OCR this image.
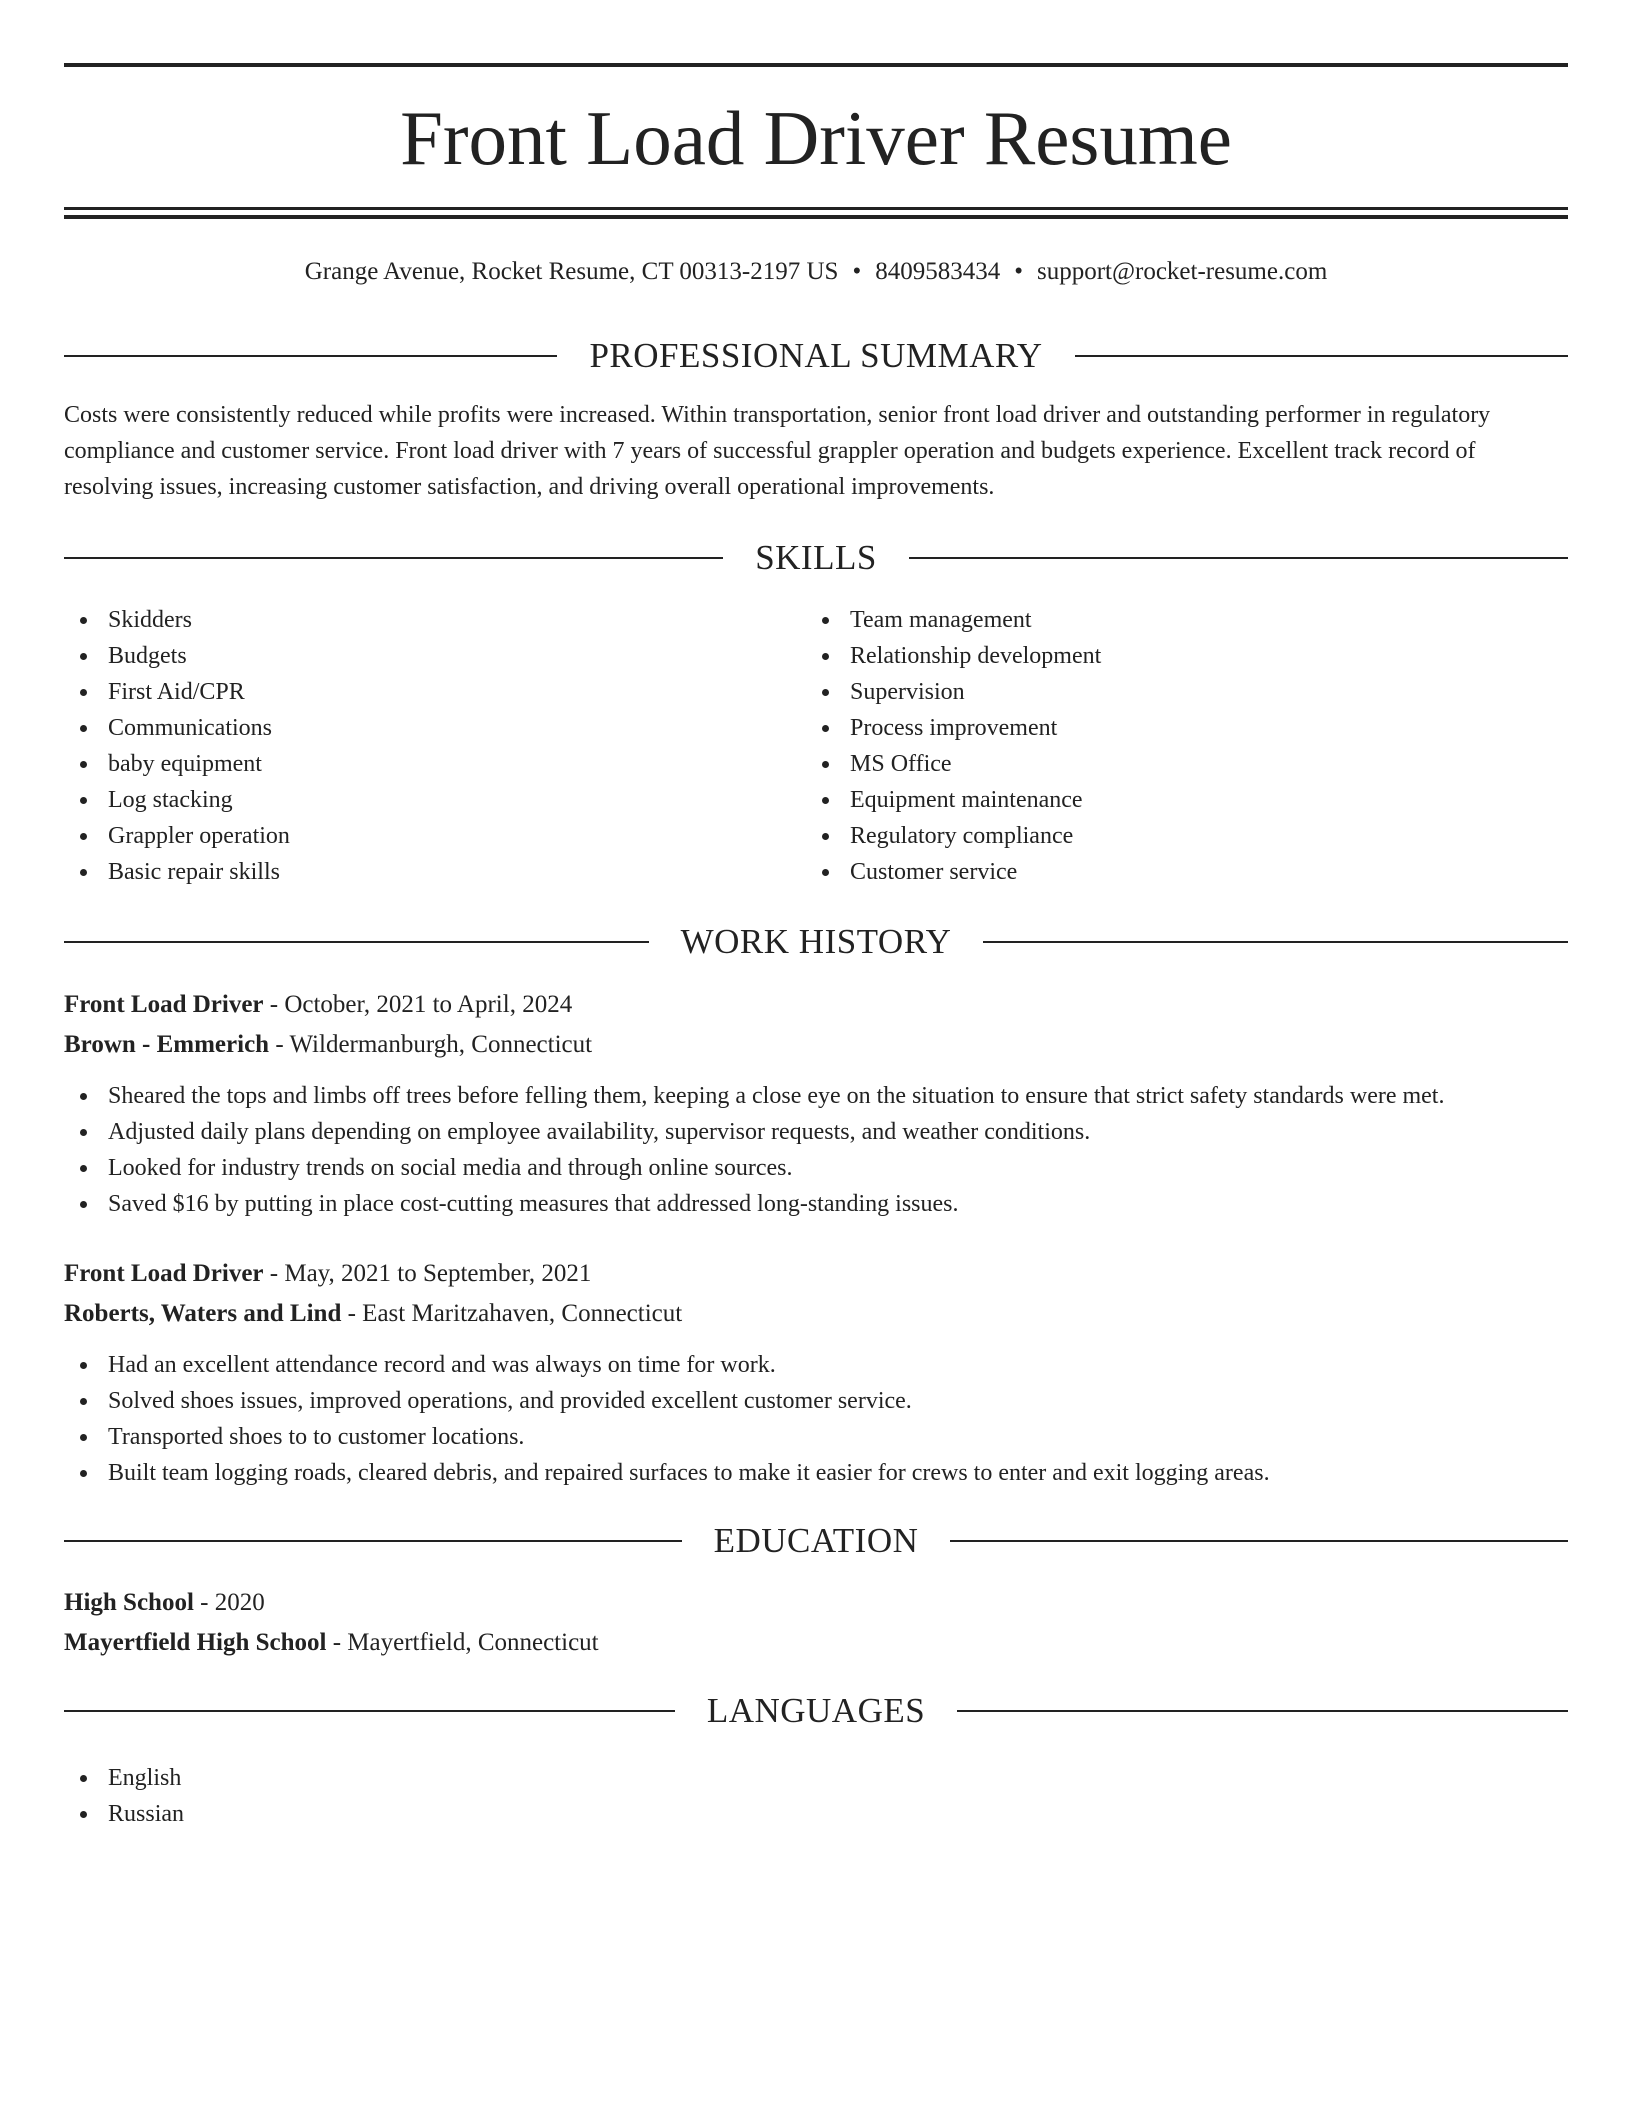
Front Load Driver Resume
Grange Avenue, Rocket Resume, CT 00313-2197 US • 8409583434 • support@rocket-resume.com
PROFESSIONAL SUMMARY

Costs were consistently reduced while profits were increased. Within transportation, senior front load driver and outstanding performer in regulatory compliance and customer service. Front load driver with 7 years of successful grappler operation and budgets experience. Excellent track record of resolving issues, increasing customer satisfaction, and driving overall operational improvements.

SKILLS
Skidders
Budgets
First Aid/CPR
Communications
baby equipment
Log stacking
Grappler operation
Basic repair skills
Team management
Relationship development
Supervision
Process improvement
MS Office
Equipment maintenance
Regulatory compliance
Customer service
WORK HISTORY
Front Load Driver - October, 2021 to April, 2024
Brown - Emmerich - Wildermanburgh, Connecticut
Sheared the tops and limbs off trees before felling them, keeping a close eye on the situation to ensure that strict safety standards were met.
Adjusted daily plans depending on employee availability, supervisor requests, and weather conditions.
Looked for industry trends on social media and through online sources.
Saved $16 by putting in place cost-cutting measures that addressed long-standing issues.
Front Load Driver - May, 2021 to September, 2021
Roberts, Waters and Lind - East Maritzahaven, Connecticut
Had an excellent attendance record and was always on time for work.
Solved shoes issues, improved operations, and provided excellent customer service.
Transported shoes to to customer locations.
Built team logging roads, cleared debris, and repaired surfaces to make it easier for crews to enter and exit logging areas.
EDUCATION
High School - 2020
Mayertfield High School - Mayertfield, Connecticut
LANGUAGES
English
Russian
